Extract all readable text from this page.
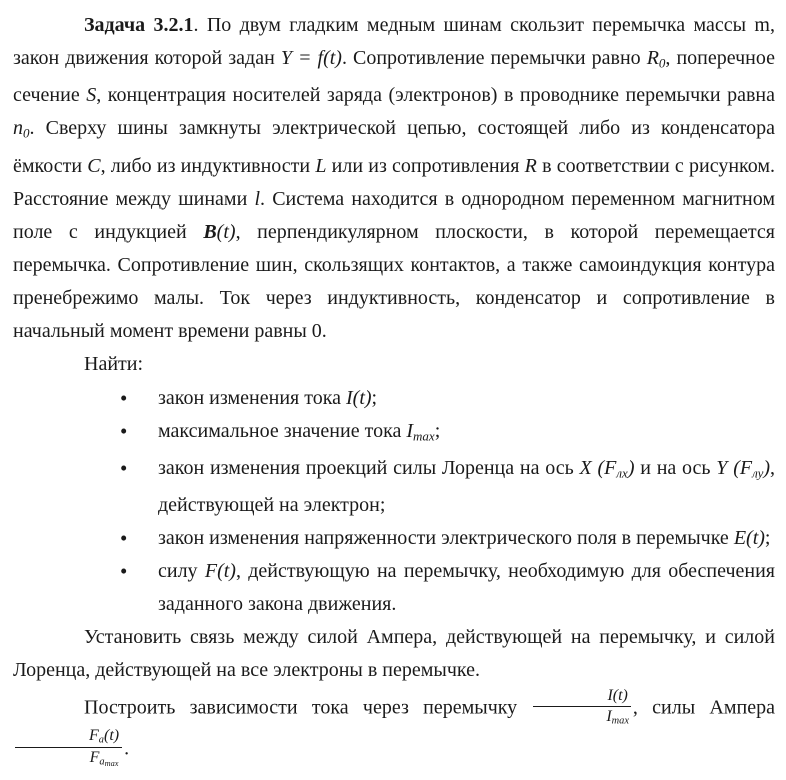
Задача 3.2.1. По двум гладким медным шинам скользит перемычка массы m, закон движения которой задан Y = f(t). Сопротивление перемычки равно $R_0$, поперечное сечение S, концентрация носителей заряда (электронов) в проводнике перемычки равна $n_0$. Сверху шины замкнуты электрической цепью, состоящей либо из конденсатора ёмкости C, либо из индуктивности L или из сопротивления R в соответствии с рисунком. Расстояние между шинами l. Система находится в однородном переменном магнитном поле с индукцией B(t), перпендикулярном плоскости, в которой перемещается перемычка. Сопротивление шин, скользящих контактов, а также самоиндукция контура пренебрежимо малы. Ток через индуктивность, конденсатор и сопротивление в начальный момент времени равны 0.

Найти:

• закон изменения тока I(t);
• максимальное значение тока $I_{max}$;
• закон изменения проекций силы Лоренца на ось X $(F_{лх})$ и на ось Y $(F_{лу})$, действующей на электрон;
• закон изменения напряженности электрического поля в перемычке E(t);
• силу F(t), действующую на перемычку, необходимую для обеспечения заданного закона движения.

Установить связь между силой Ампера, действующей на перемычку, и силой Лоренца, действующей на все электроны в перемычке.

Построить зависимости тока через перемычку $\frac{I(t)}{I_{max}}$ , силы Ампера
$\frac{F_a(t)}{F_{amax}}$ .
